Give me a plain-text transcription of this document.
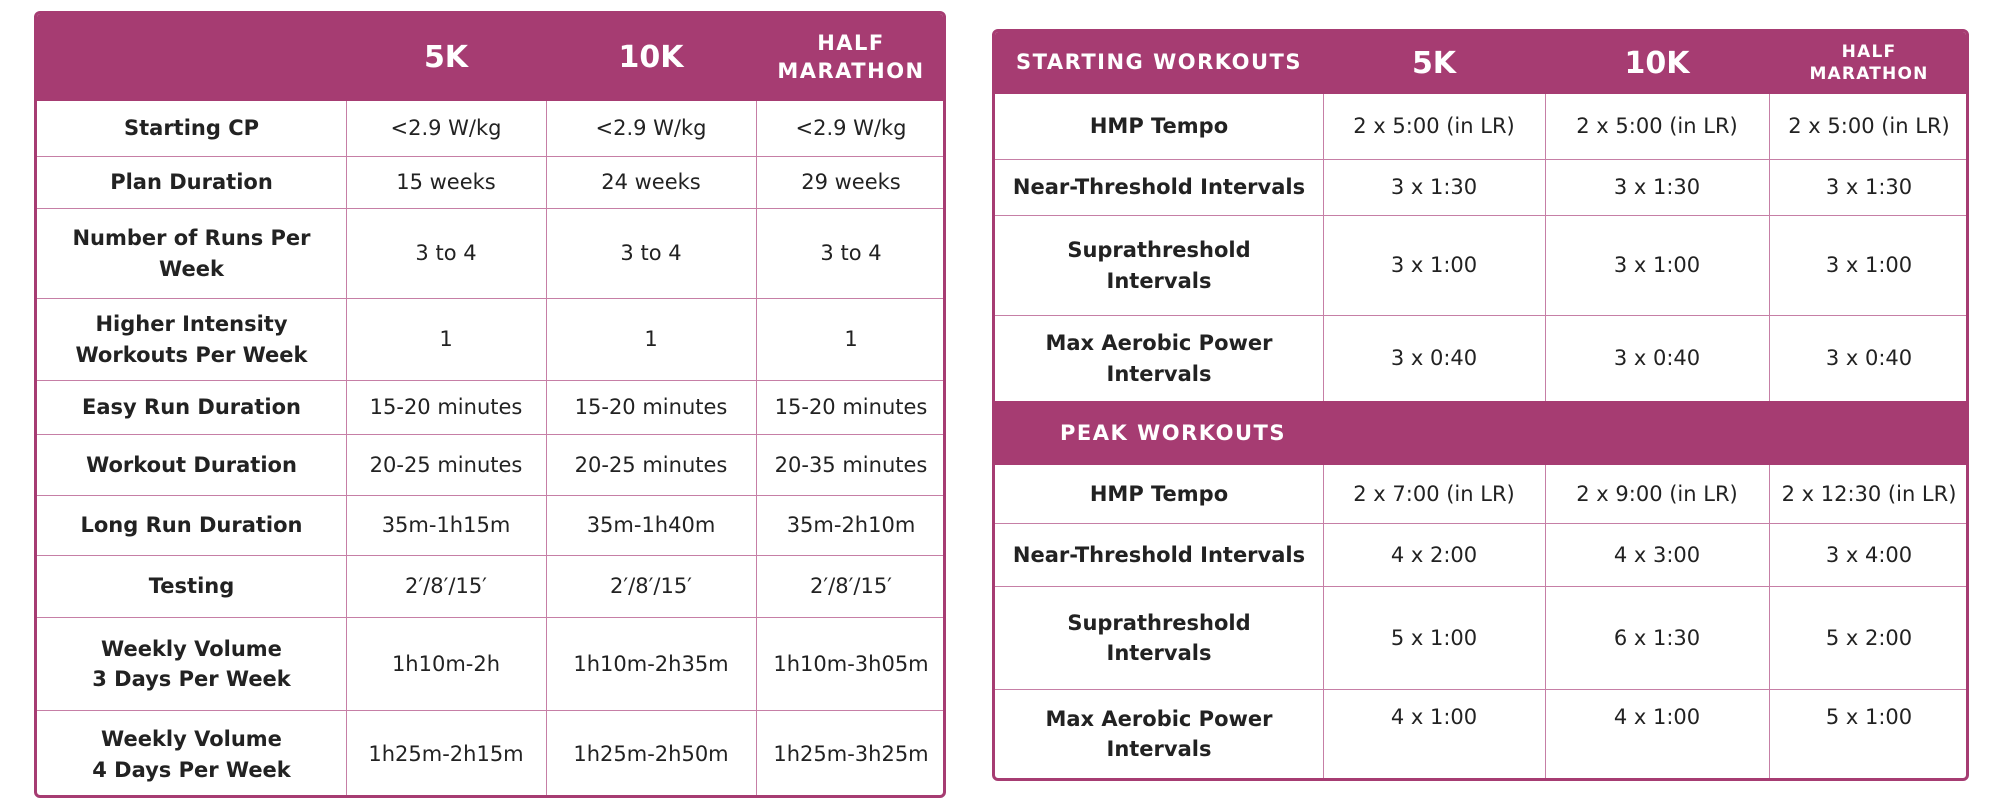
5K	10K	HALF
MARATHON
Starting CP	<2.9 W/kg	<2.9 W/kg	<2.9 W/kg
Plan Duration	15 weeks	24 weeks	29 weeks
Number of Runs Per
Week
3 to 4	3 to 4	3 to 4
Higher Intensity
Workouts Per Week
1	1	1
Easy Run Duration	15-20 minutes	15-20 minutes	15-20 minutes
Workout Duration	20-25 minutes	20-25 minutes	20-35 minutes
Long Run Duration	35m-1h15m	35m-1h40m	35m-2h10m
Testing	2′/8′/15′	2′/8′/15′	2′/8′/15′
Weekly Volume
3 Days Per Week
1h10m-2h	1h10m-2h35m	1h10m-3h05m
Weekly Volume
4 Days Per Week
1h25m-2h15m	1h25m-2h50m	1h25m-3h25m
STARTING WORKOUTS	5K	10K	HALF
MARATHON
HMP Tempo	2 x 5:00 (in LR)	2 x 5:00 (in LR)	2 x 5:00 (in LR)
Near-Threshold Intervals	3 x 1:30	3 x 1:30	3 x 1:30
Suprathreshold
Intervals
3 x 1:00	3 x 1:00	3 x 1:00
Max Aerobic Power
Intervals
3 x 0:40	3 x 0:40	3 x 0:40
PEAK WORKOUTS
HMP Tempo	2 x 7:00 (in LR)	2 x 9:00 (in LR)	2 x 12:30 (in LR)
Near-Threshold Intervals	4 x 2:00	4 x 3:00	3 x 4:00
Suprathreshold
Intervals
5 x 1:00	6 x 1:30	5 x 2:00
Max Aerobic Power
Intervals
4 x 1:00	4 x 1:00	5 x 1:00
